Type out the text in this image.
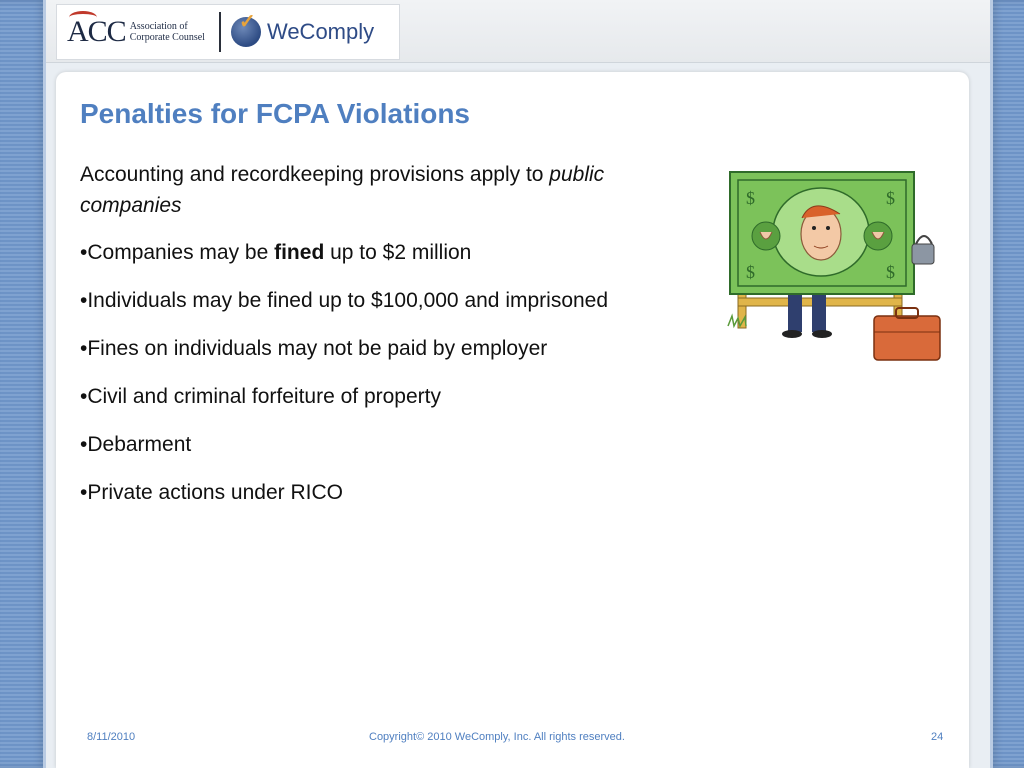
ACC Association of
Corporate Counsel
✓	WeComply
Penalties for FCPA Violations

Accounting and recordkeeping provisions apply to public companies

•Companies may be fined up to $2 million

•Individuals may be fined up to $100,000 and imprisoned

•Fines on individuals may not be paid by employer

•Civil and criminal forfeiture of property

•Debarment

•Private actions under RICO

$	$
$	$
8/11/2010	Copyright© 2010 WeComply, Inc. All rights reserved.	24
